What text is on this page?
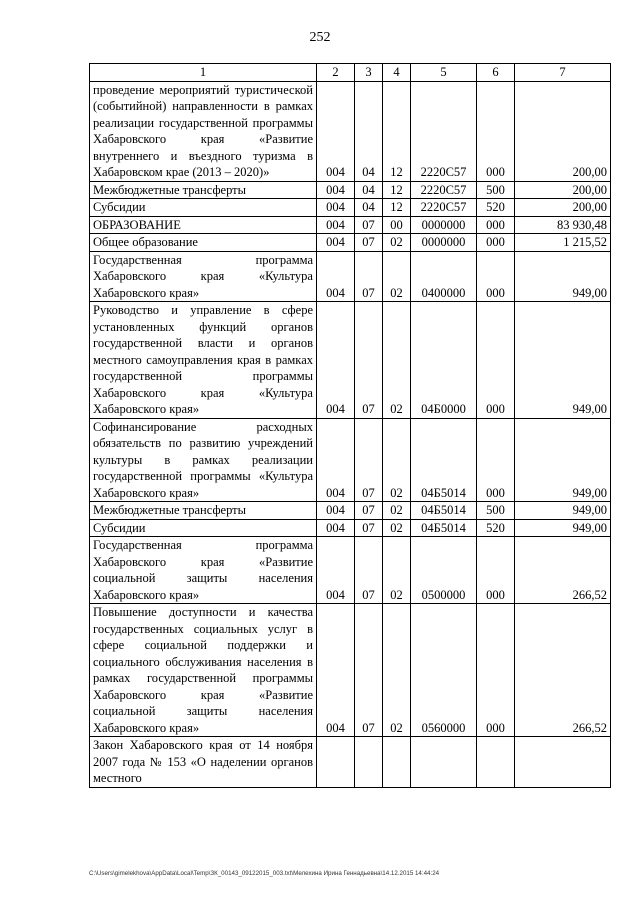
252
1	2	3	4	5	6	7
проведение мероприятий туристической (событийной) направленности в рамках реализации государственной программы Хабаровского края «Развитие внутреннего и въездного туризма в Хабаровском крае (2013 – 2020)»	004	04	12	2220С57	000	200,00
Межбюджетные трансферты	004	04	12	2220С57	500	200,00
Субсидии	004	04	12	2220С57	520	200,00
ОБРАЗОВАНИЕ	004	07	00	0000000	000	83 930,48
Общее образование	004	07	02	0000000	000	1 215,52
Государственная программа Хабаровского края «Культура Хабаровского края»	004	07	02	0400000	000	949,00
Руководство и управление в сфере установленных функций органов государственной власти и органов местного самоуправления края в рамках государственной программы Хабаровского края «Культура Хабаровского края»	004	07	02	04Б0000	000	949,00
Софинансирование расходных обязательств по развитию учреждений культуры в рамках реализации государственной программы «Культура Хабаровского края»	004	07	02	04Б5014	000	949,00
Межбюджетные трансферты	004	07	02	04Б5014	500	949,00
Субсидии	004	07	02	04Б5014	520	949,00
Государственная программа Хабаровского края «Развитие социальной защиты населения Хабаровского края»	004	07	02	0500000	000	266,52
Повышение доступности и качества государственных социальных услуг в сфере социальной поддержки и социального обслуживания населения в рамках государственной программы Хабаровского края «Развитие социальной защиты населения Хабаровского края»	004	07	02	0560000	000	266,52
Закон Хабаровского края от 14 ноября 2007 года № 153 «О наделении органов местного						
C:\Users\gimelekhova\AppData\Local\Temp\ЗК_00143_09122015_003.txt\Мелехина Ирина Геннадьевна\14.12.2015 14:44:24
